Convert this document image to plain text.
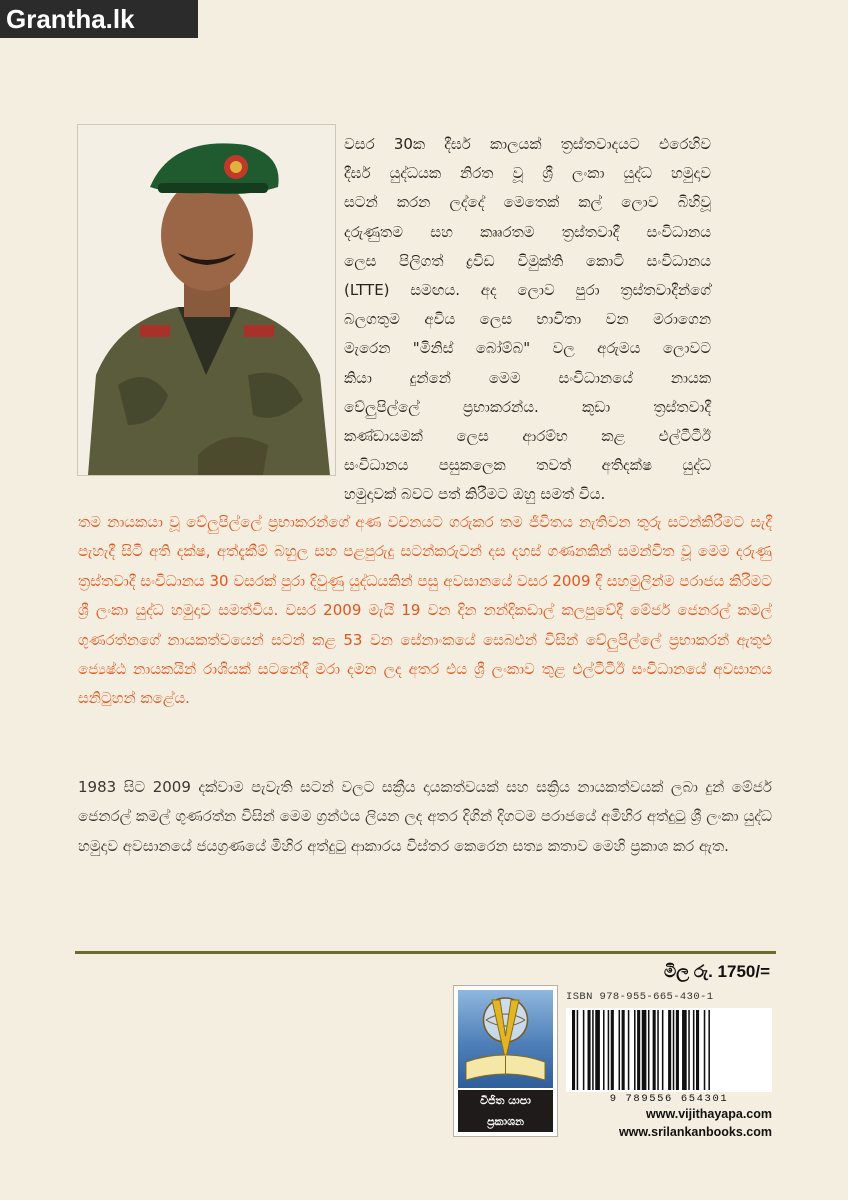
Grantha.lk
වසර 30ක දීර්ඝ කාලයක් ත්‍රස්තවාදයට එරෙහිව
දීර්ඝ යුද්ධයක නිරත වූ ශ්‍රී ලංකා යුද්ධ හමුදාව
සටන් කරන ලද්දේ මෙතෙක් කල් ලොව බිහිවූ
දරුණුතම සහ කෲරතම ත්‍රස්තවාදී සංවිධානය
ලෙස පිලිගත් ද්‍රවිඩ විමුක්ති කොටි සංවිධානය
(LTTE) සමඟය. අද ලොව පුරා ත්‍රස්තවාදීන්ගේ
බලගතුම අවිය ලෙස භාවිතා වන මරාගෙන
මැරෙන "මිනිස් බෝම්බ" වල අරුමය ලොවට
කියා දුන්නේ මෙම සංවිධානයේ නායක
වේලුපිල්ලේ ප්‍රභාකරන්ය. කුඩා ත්‍රස්තවාදී
කණ්ඩායමක් ලෙස ආරම්භ කළ එල්ටීටීඊ
සංවිධානය පසුකලෙක තවත් අතිදක්ෂ යුද්ධ
හමුදාවක් බවට පත් කිරීමට ඔහු සමත් විය.

තම නායකයා වූ වේලුපිල්ලේ ප්‍රභාකරන්ගේ අණ වචනයට ගරුකර තම ජීවිතය නැතිවන තුරු සටන්කිරීමට සැදී පැහැදී සිටි අති දක්ෂ, අත්දැකීම් බහුල සහ පළපුරුදු සටන්කරුවන් දස දහස් ගණනකින් සමන්විත වූ මෙම දරුණු ත්‍රස්තවාදී සංවිධානය 30 වසරක් පුරා දිවුණු යුද්ධයකින් පසු අවසානයේ වසර 2009 දී සහමුලින්ම පරාජය කිරීමට ශ්‍රී ලංකා යුද්ධ හමුදාව සමත්විය. වසර 2009 මැයි 19 වන දින නන්දිකඩාල් කලපුවේදී මේජර් ජෙනරල් කමල් ගුණරත්නගේ නායකත්වයෙන් සටන් කළ 53 වන සේනාංකයේ සෙබළුන් විසින් වේලුපිල්ලේ ප්‍රභාකරන් ඇතුළු ජ්‍යෙෂ්ඨ නායකයින් රාශියක් සටනේදී මරා දමන ලද අතර එය ශ්‍රී ලංකාව තුළ එල්ටීටීඊ සංවිධානයේ අවසානය සනිටුහන් කළේය.

1983 සිට 2009 දක්වාම පැවැති සටන් වලට සක්‍රීය දායකත්වයක් සහ සක්‍රිය නායකත්වයක් ලබා දුන් මේජර් ජෙනරල් කමල් ගුණරත්න විසින් මෙම ග්‍රන්ථය ලියන ලද අතර දිගින් දිගටම පරාජයේ අමිහිර අත්දුටු ශ්‍රී ලංකා යුද්ධ හමුදාව අවසානයේ ජයග්‍රණයේ මිහිර අත්දුටු ආකාරය විස්තර කෙරෙන සත්‍ය කතාව මෙහි ප්‍රකාශ කර ඇත.

මිල රු. 1750/=
විජිත යාපා
ප්‍රකාශන
ISBN 978-955-665-430-1
9 789556 654301
www.vijithayapa.com
www.srilankanbooks.com
